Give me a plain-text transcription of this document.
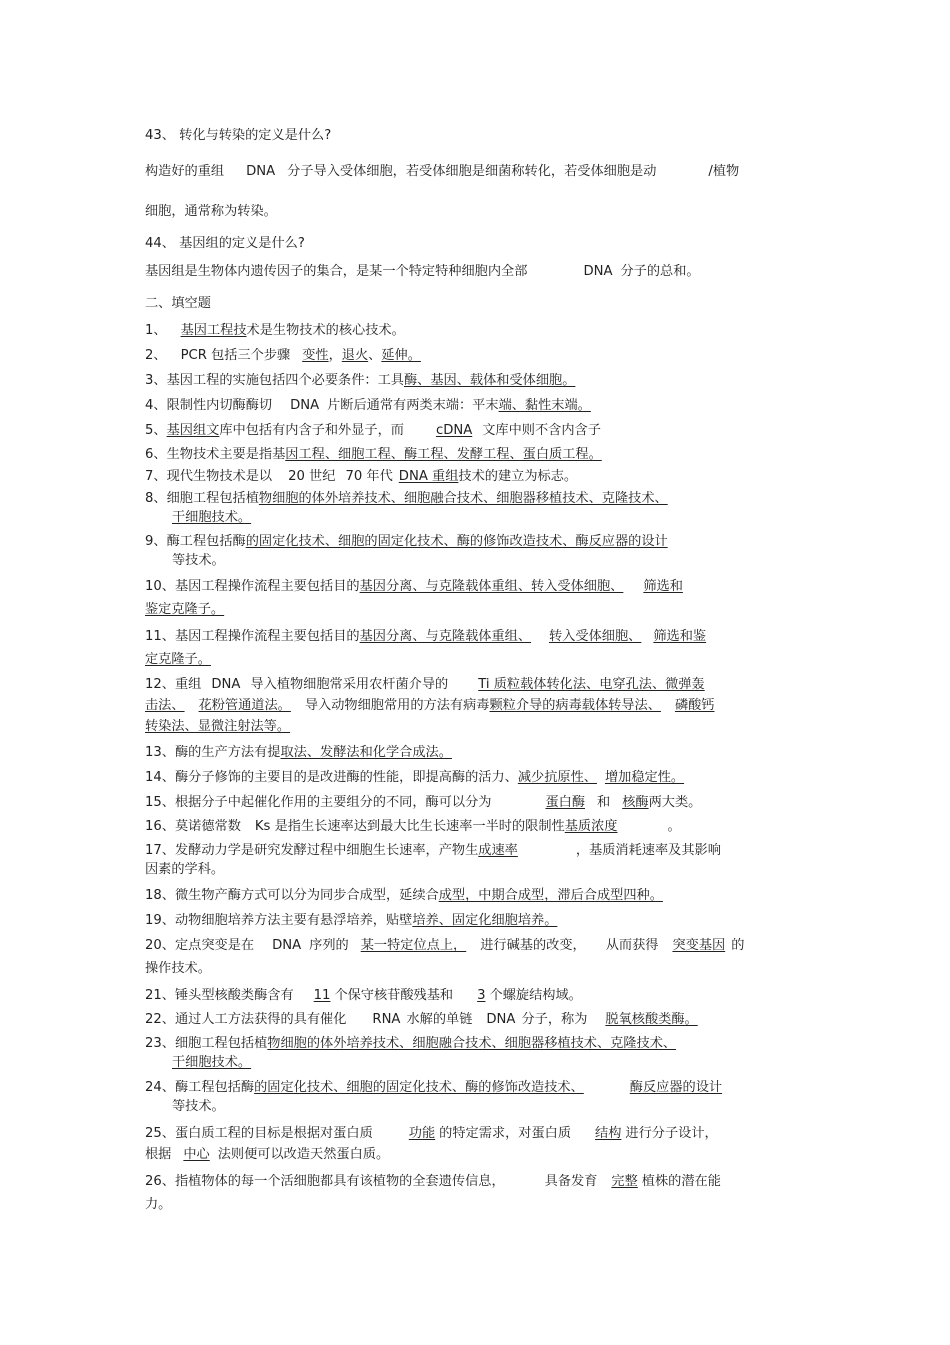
43、 转化与转染的定义是什么?
构造好的重组 DNA 分子导入受体细胞，若受体细胞是细菌称转化，若受体细胞是动	/植物
细胞，通常称为转染。
44、 基因组的定义是什么?
基因组是生物体内遗传因子的集合，是某一个特定特种细胞内全部	DNA 分子的总和。
二、填空题
1、 基因工程技术是生物技术的核心技术。
2、 PCR 包括三个步骤 变性，退火、延伸。
3、基因工程的实施包括四个必要条件：工具酶、基因、载体和受体细胞。
4、限制性内切酶酶切 DNA 片断后通常有两类末端：平末端、黏性末端。
5、基因组文库中包括有内含子和外显子，而 cDNA 文库中则不含内含子
6、生物技术主要是指基因工程、细胞工程、酶工程、发酵工程、蛋白质工程。
7、现代生物技术是以 20 世纪 70 年代 DNA 重组技术的建立为标志。
8、细胞工程包括植物细胞的体外培养技术、细胞融合技术、细胞器移植技术、克隆技术、
干细胞技术。
9、酶工程包括酶的固定化技术、细胞的固定化技术、酶的修饰改造技术、酶反应器的设计
等技术。
10、基因工程操作流程主要包括目的基因分离、与克隆载体重组、转入受体细胞、 筛选和
鉴定克隆子。
11、基因工程操作流程主要包括目的基因分离、与克隆载体重组、 转入受体细胞、 筛选和鉴
定克隆子。
12、重组 DNA 导入植物细胞常采用农杆菌介导的 Ti 质粒载体转化法、电穿孔法、微弹轰
击法、 花粉管通道法。 导入动物细胞常用的方法有病毒颗粒介导的病毒载体转导法、 磷酸钙
转染法、显微注射法等。
13、酶的生产方法有提取法、发酵法和化学合成法。
14、酶分子修饰的主要目的是改进酶的性能，即提高酶的活力、减少抗原性、 增加稳定性。
15、根据分子中起催化作用的主要组分的不同，酶可以分为	蛋白酶 和 核酶两大类。
16、莫诺德常数 Ks 是指生长速率达到最大比生长速率一半时的限制性基质浓度	。
17、发酵动力学是研究发酵过程中细胞生长速率，产物生成速率	，基质消耗速率及其影响
因素的学科。
18、微生物产酶方式可以分为同步合成型，延续合成型，中期合成型，滞后合成型四种。
19、动物细胞培养方法主要有悬浮培养，贴壁培养、固定化细胞培养。
20、定点突变是在 DNA 序列的 某一特定位点上， 进行碱基的改变， 从而获得 突变基因 的
操作技术。
21、锤头型核酸类酶含有 11 个保守核苷酸残基和 3 个螺旋结构域。
22、通过人工方法获得的具有催化 RNA 水解的单链 DNA 分子，称为 脱氧核酸类酶。
23、细胞工程包括植物细胞的体外培养技术、细胞融合技术、细胞器移植技术、克隆技术、
干细胞技术。
24、酶工程包括酶的固定化技术、细胞的固定化技术、酶的修饰改造技术、	酶反应器的设计
等技术。
25、蛋白质工程的目标是根据对蛋白质	功能 的特定需求，对蛋白质 结构 进行分子设计，
根据 中心 法则便可以改造天然蛋白质。
26、指植物体的每一个活细胞都具有该植物的全套遗传信息，	具备发育 完整 植株的潜在能
力。
